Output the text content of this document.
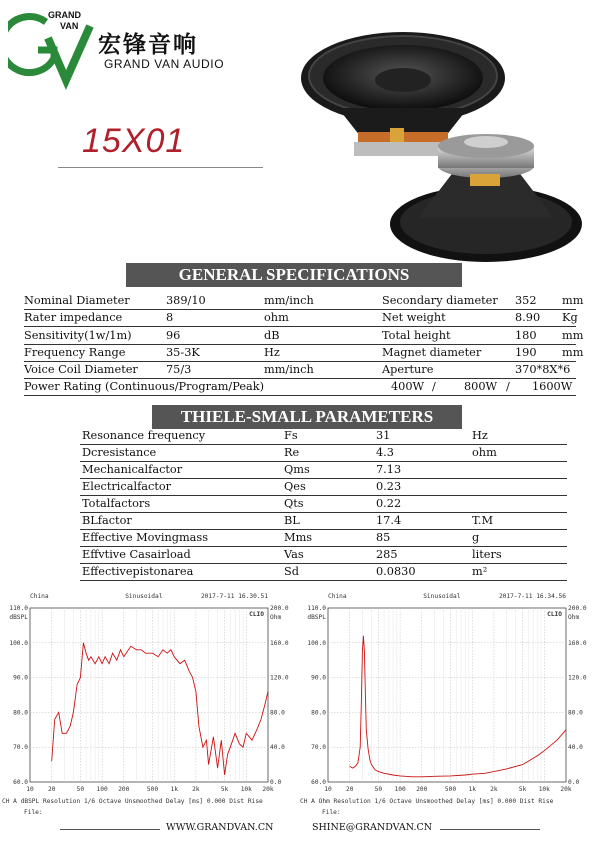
GRAND
VAN
宏锋音响
GRAND VAN AUDIO
15X01
GENERAL SPECIFICATIONS
Nominal Diameter	389/10	mm/inch	Secondary diameter 352 mm
Rater impedance	8	ohm	Net weight	8.90 Kg
Sensitivity(1w/1m)	96	dB	Total height	180 mm
Frequency Range	35-3K	Hz	Magnet diameter	190 mm
Voice Coil Diameter 75/3	mm/inch	Aperture	370*8X*6
Power Rating (Continuous/Program/Peak)	400W / 800W / 1600W
THIELE-SMALL PARAMETERS
Resonance frequency	Fs	31	Hz
Dcresistance	Re	4.3	ohm
Mechanicalfactor	Qms	7.13
Electricalfactor	Qes	0.23
Totalfactors	Qts	0.22
BLfactor	BL	17.4	T.M
Effective Movingmass	Mms	85	g
Effvtive Casairload	Vas	285	liters
Effectivepistonarea	Sd	0.0830	m²
China	Sinusoidal	2017-7-11 16.30.51
CLIO
dBSPL	Ohm
110.0	200.0
100.0	160.0
90.0	120.0
80.0	80.0
70.0	40.0
60.0	0.0
10 20	50 100 200	500 1k 2k	5k 10k 20k
CH A dBSPL Resolution 1/6 Octave Unsmoothed Delay [ms] 0.000 Dist Rise
File:
China	Sinusoidal	2017-7-11 16.34.56
CLIO
dBSPL	Ohm
110.0	200.0
100.0	160.0
90.0	120.0
80.0	80.0
70.0	40.0
60.0	0.0
10 20	50 100 200	500 1k 2k	5k 10k 20k
CH A Ohm Resolution 1/6 Octave Unsmoothed Delay [ms] 0.000 Dist Rise
File:
WWW.GRANDVAN.CN	SHINE@GRANDVAN.CN
